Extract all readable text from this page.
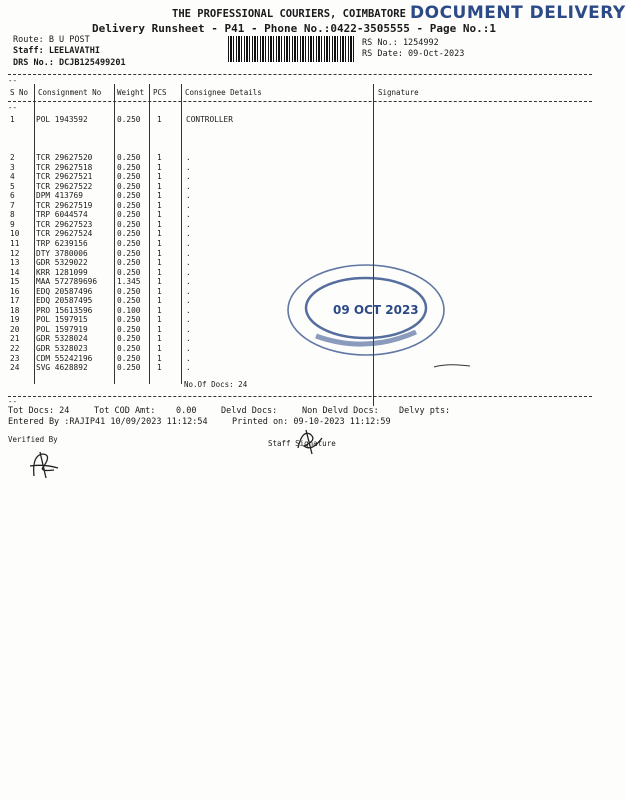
THE PROFESSIONAL COURIERS, COIMBATORE DOCUMENT DELIVERY
Delivery Runsheet - P41 - Phone No.:0422-3505555 - Page No.:1
Route: B U POST
Staff: LEELAVATHI
DRS No.: DCJB125499201
RS No.: 1254992
RS Date: 09-Oct-2023
--
S No Consignment No Weight PCS Consignee Details	Signature
--
1	POL 1943592	0.250 1	CONTROLLER
2	TCR 29627520	0.250 1	.
3	TCR 29627518	0.250 1	.
4	TCR 29627521	0.250 1	.
5	TCR 29627522	0.250 1	.
6	DPM 413769	0.250 1	.
7	TCR 29627519	0.250 1	.
8	TRP 6044574	0.250 1	.
9	TCR 29627523	0.250 1	.
10 TCR 29627524	0.250 1	.
11 TRP 6239156	0.250 1	.
12 DTY 3780006	0.250 1	.
13 GDR 5329022	0.250 1	.
14 KRR 1281099	0.250 1	.
15 MAA 572789696	1.345 1	.
16 EDQ 20587496	0.250 1	.
17 EDQ 20587495	0.250 1	.
18 PRO 15613596	0.100 1	.
19 POL 1597915	0.250 1	.
20 POL 1597919	0.250 1	.
21 GDR 5328024	0.250 1	.
22 GDR 5328023	0.250 1	.
23 CDM 55242196	0.250 1	.
24 SVG 4628892	0.250 1	.
No.Of Docs: 24
09 OCT 2023
--
Tot Docs: 24	Tot COD Amt: 0.00	Delvd Docs:	Non Delvd Docs: Delvy pts:
Entered By :RAJIP41 10/09/2023 11:12:54	Printed on: 09-10-2023 11:12:59
Verified By	Staff Signature
